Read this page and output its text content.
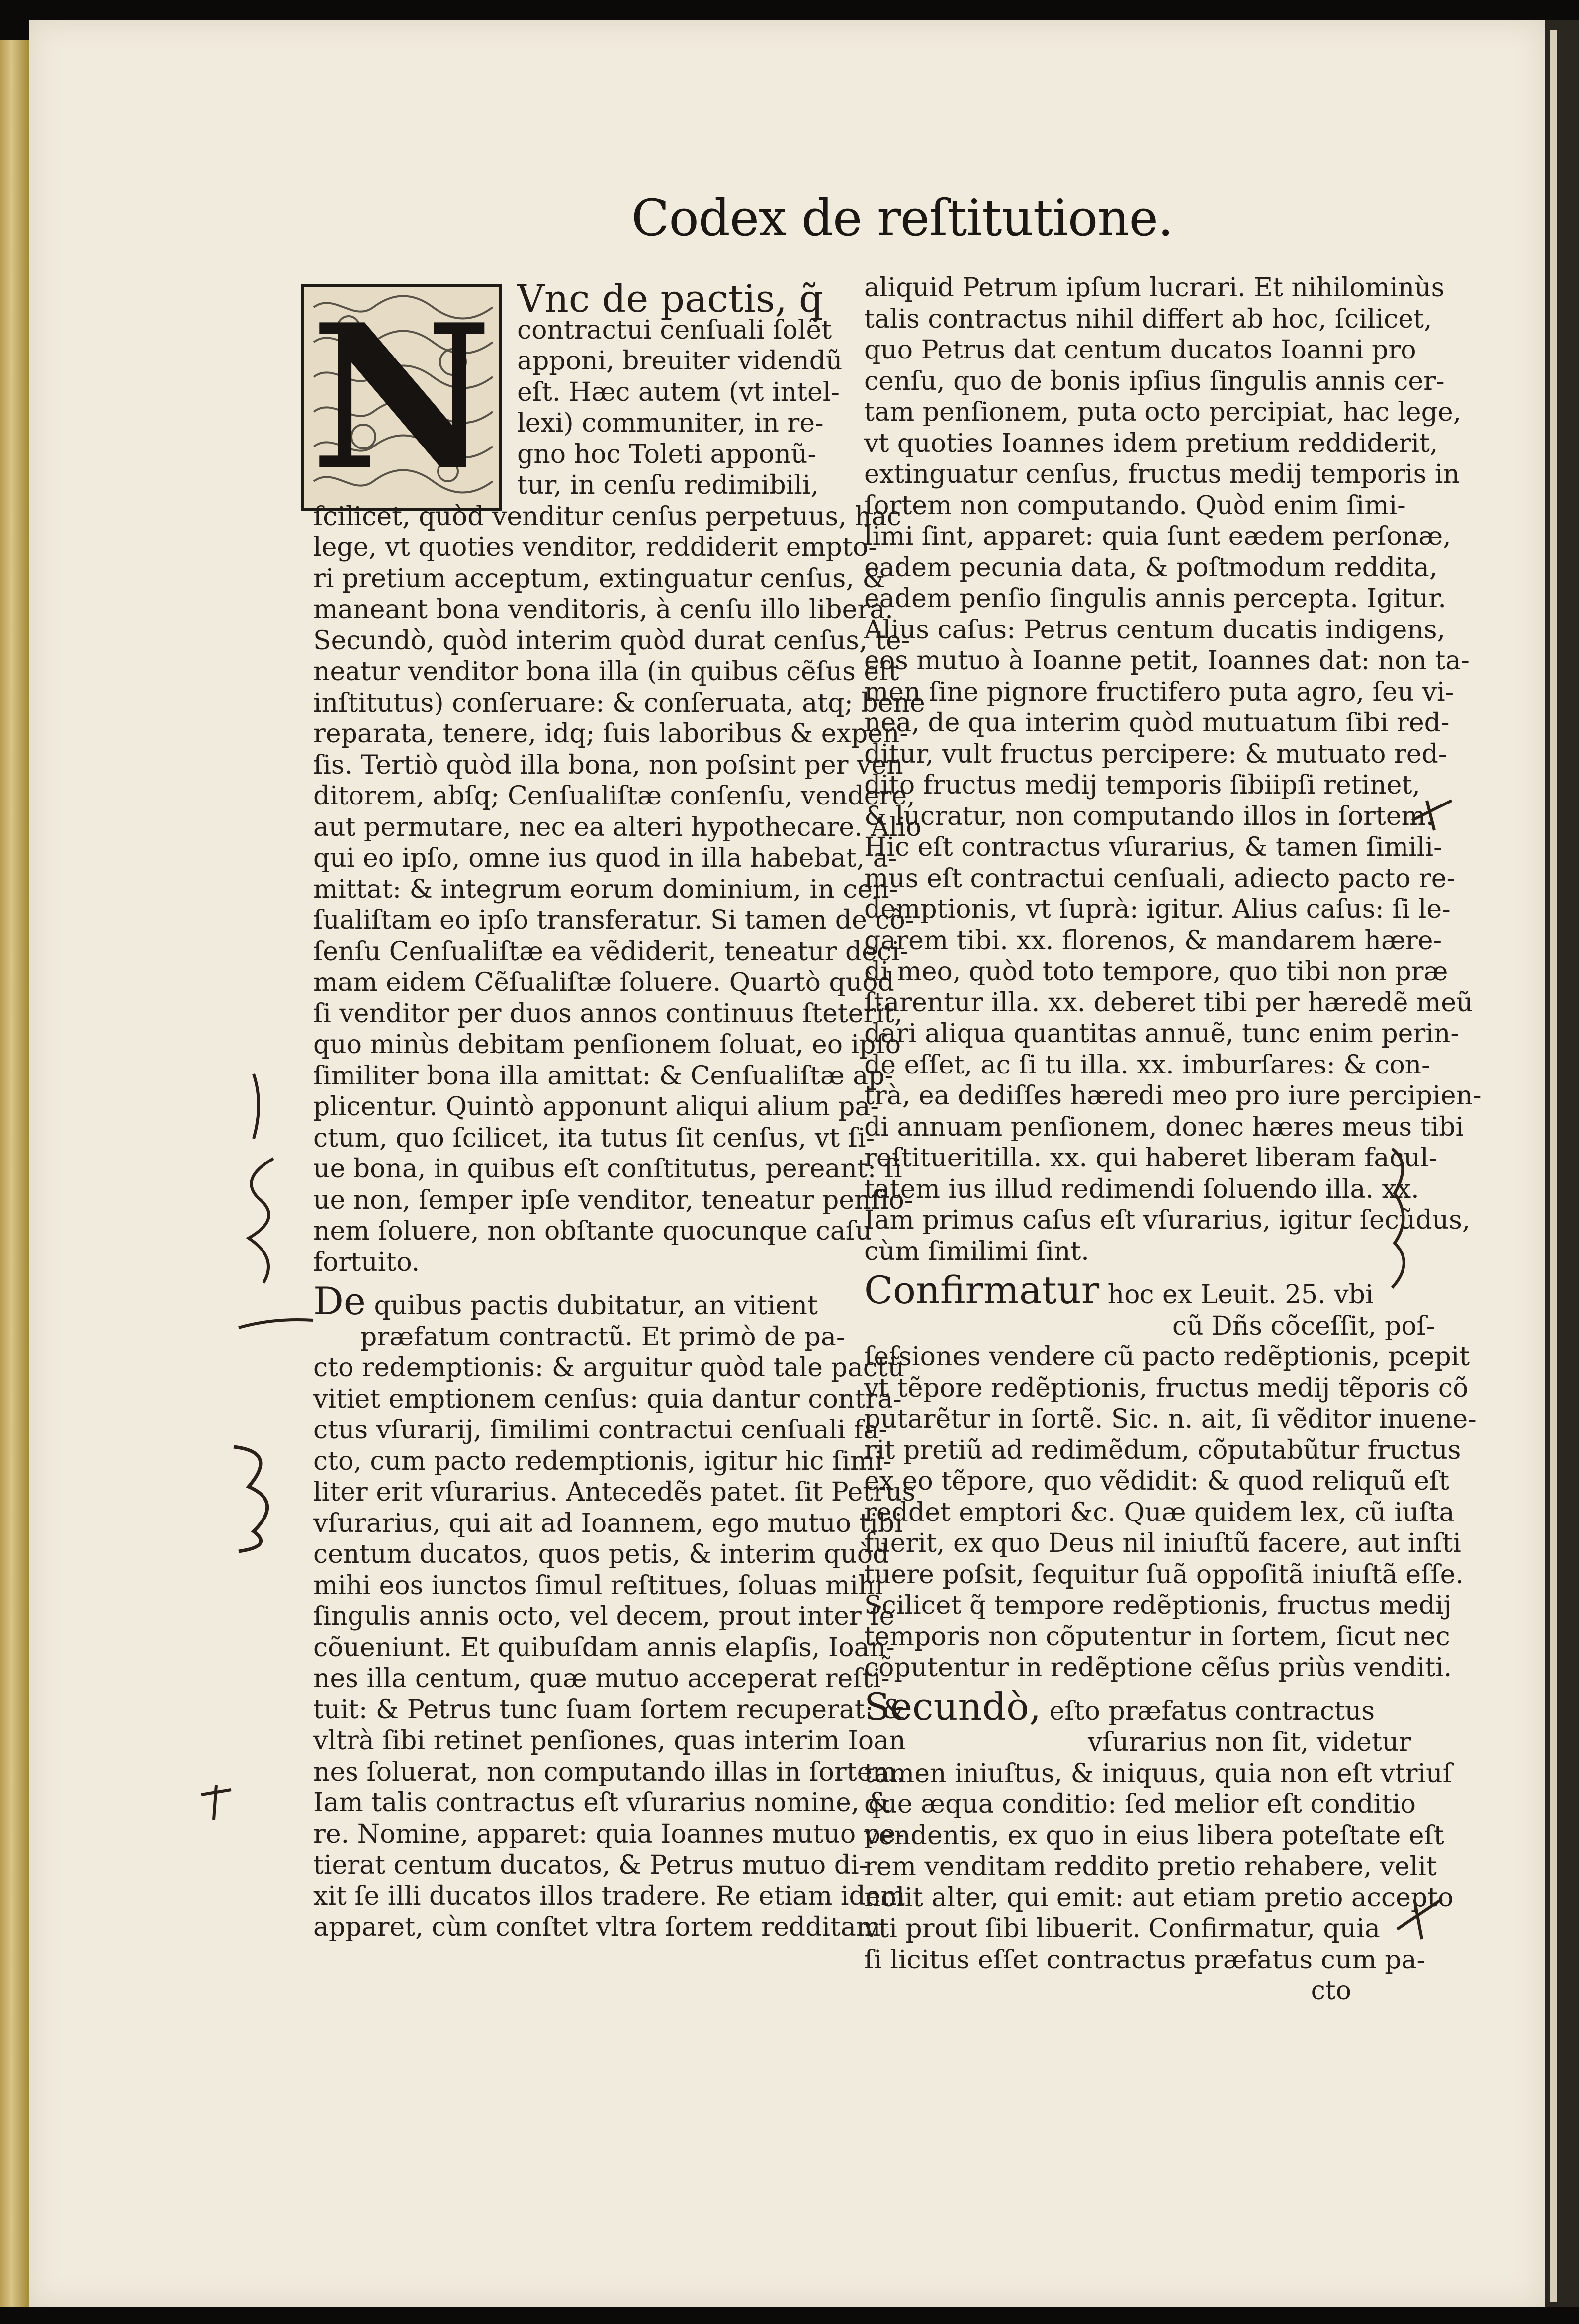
Codex de reſtitutione.
N Vnc de pactis, q̃

contractui cenſuali ſolẽt

apponi, breuiter videndũ

eſt. Hæc autem (vt intel-

lexi) communiter, in re-

gno hoc Toleti apponũ-

tur, in cenſu redimibili,

ſcilicet, quòd venditur cenſus perpetuus, hac

lege, vt quoties venditor, reddiderit empto-

ri pretium acceptum, extinguatur cenſus, &

maneant bona venditoris, à cenſu illo libera.

Secundò, quòd interim quòd durat cenſus, te-

neatur venditor bona illa (in quibus cẽſus eſt

inſtitutus) conſeruare: & conſeruata, atq; bene

reparata, tenere, idq; ſuis laboribus & expen-

ſis. Tertiò quòd illa bona, non poſsint per ven

ditorem, abſq; Cenſualiſtæ conſenſu, vendere,

aut permutare, nec ea alteri hypothecare. Alio

qui eo ipſo, omne ius quod in illa habebat, a-

mittat: & integrum eorum dominium, in cen-

ſualiſtam eo ipſo transferatur. Si tamen de cõ-

ſenſu Cenſualiſtæ ea vẽdiderit, teneatur deci-

mam eidem Cẽſualiſtæ ſoluere. Quartò quòd

ſi venditor per duos annos continuus ſteterit,

quo minùs debitam penſionem ſoluat, eo ipſo

ſimiliter bona illa amittat: & Cenſualiſtæ ap-

plicentur. Quintò apponunt aliqui alium pa-

ctum, quo ſcilicet, ita tutus ſit cenſus, vt ſi-

ue bona, in quibus eſt conſtitutus, pereant: ſi

ue non, ſemper ipſe venditor, teneatur penſio-

nem ſoluere, non obſtante quocunque caſu

fortuito.

De quibus pactis dubitatur, an vitient

præfatum contractũ. Et primò de pa-

cto redemptionis: & arguitur quòd tale pactũ

vitiet emptionem cenſus: quia dantur contra-

ctus vſurarij, ſimilimi contractui cenſuali fa-

cto, cum pacto redemptionis, igitur hic ſimi-

liter erit vſurarius. Antecedẽs patet. ſit Petrus

vſurarius, qui ait ad Ioannem, ego mutuo tibi

centum ducatos, quos petis, & interim quòd

mihi eos iunctos ſimul reſtitues, ſoluas mihi

ſingulis annis octo, vel decem, prout inter ſe

cõueniunt. Et quibuſdam annis elapſis, Ioan-

nes illa centum, quæ mutuo acceperat reſti-

tuit: & Petrus tunc ſuam ſortem recuperat: &

vltrà ſibi retinet penſiones, quas interim Ioan

nes ſoluerat, non computando illas in ſortem.

Iam talis contractus eſt vſurarius nomine, &

re. Nomine, apparet: quia Ioannes mutuo pe-

tierat centum ducatos, & Petrus mutuo di-

xit ſe illi ducatos illos tradere. Re etiam idem

apparet, cùm conſtet vltra ſortem redditam

aliquid Petrum ipſum lucrari. Et nihilominùs

talis contractus nihil differt ab hoc, ſcilicet,

quo Petrus dat centum ducatos Ioanni pro

cenſu, quo de bonis ipſius ſingulis annis cer-

tam penſionem, puta octo percipiat, hac lege,

vt quoties Ioannes idem pretium reddiderit,

extinguatur cenſus, fructus medij temporis in

ſortem non computando. Quòd enim ſimi-

limi ſint, apparet: quia ſunt eædem perſonæ,

eadem pecunia data, & poſtmodum reddita,

eadem penſio ſingulis annis percepta. Igitur.

Alius caſus: Petrus centum ducatis indigens,

eos mutuo à Ioanne petit, Ioannes dat: non ta-

men ſine pignore fructifero puta agro, ſeu vi-

nea, de qua interim quòd mutuatum ſibi red-

ditur, vult fructus percipere: & mutuato red-

dito fructus medij temporis ſibiipſi retinet,

& lucratur, non computando illos in ſortem.

Hic eſt contractus vſurarius, & tamen ſimili-

mus eſt contractui cenſuali, adiecto pacto re-

demptionis, vt ſuprà: igitur. Alius caſus: ſi le-

garem tibi. xx. florenos, & mandarem hære-

di meo, quòd toto tempore, quo tibi non præ

ſtarentur illa. xx. deberet tibi per hæredẽ meũ

dari aliqua quantitas annuẽ, tunc enim perin-

de eſſet, ac ſi tu illa. xx. imburſares: & con-

trà, ea dediſſes hæredi meo pro iure percipien-

di annuam penſionem, donec hæres meus tibi

reſtitueritilla. xx. qui haberet liberam facul-

tatem ius illud redimendi ſoluendo illa. xx.

Iam primus caſus eſt vſurarius, igitur ſecũdus,

cùm ſimilimi ſint.

Confirmatur hoc ex Leuit. 25. vbi

cũ Dñs cõceſſit, poſ-

ſeſsiones vendere cũ pacto redẽptionis, pcepit

vt tẽpore redẽptionis, fructus medij tẽporis cõ

putarẽtur in ſortẽ. Sic. n. ait, ſi vẽditor inuene-

rit pretiũ ad redimẽdum, cõputabũtur fructus

ex eo tẽpore, quo vẽdidit: & quod reliquũ eſt

reddet emptori &c. Quæ quidem lex, cũ iuſta

fuerit, ex quo Deus nil iniuſtũ facere, aut inſti

tuere poſsit, ſequitur ſuã oppoſitã iniuſtã eſſe.

Scilicet q̃ tempore redẽptionis, fructus medij

temporis non cõputentur in ſortem, ſicut nec

cõputentur in redẽptione cẽſus priùs venditi.

Secundò, eſto præfatus contractus

vſurarius non ſit, videtur

tamen iniuſtus, & iniquus, quia non eſt vtriuſ

que æqua conditio: ſed melior eſt conditio

vendentis, ex quo in eius libera poteſtate eſt

rem venditam reddito pretio rehabere, velit

nolit alter, qui emit: aut etiam pretio accepto

vti prout ſibi libuerit. Confirmatur, quia

ſi licitus eſſet contractus præfatus cum pa-

cto
